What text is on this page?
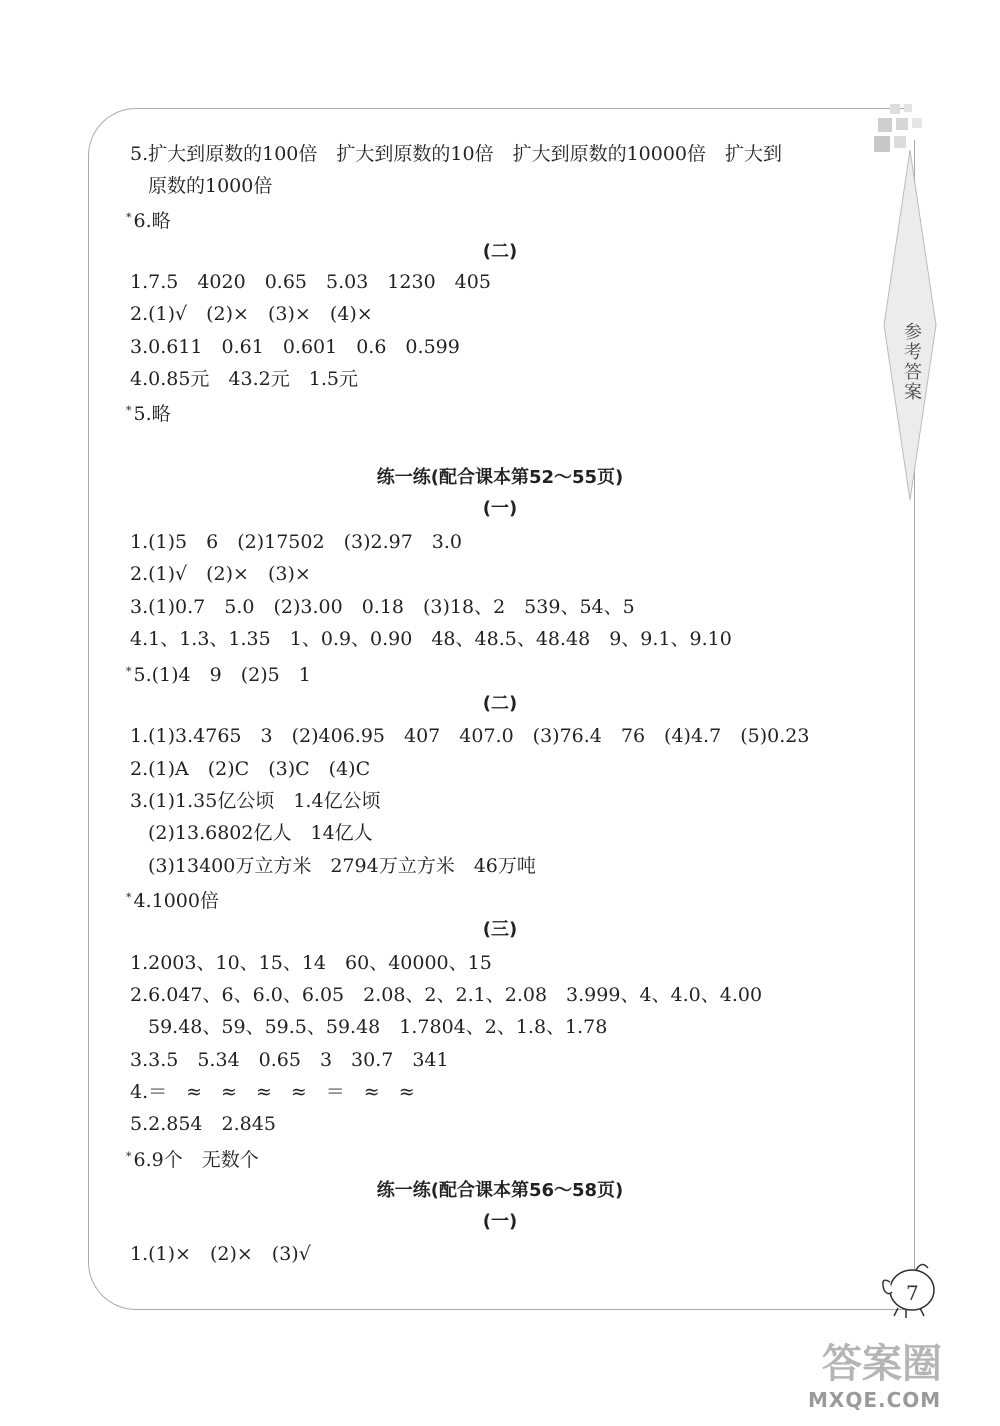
参考答案
5.扩大到原数的100倍　扩大到原数的10倍　扩大到原数的10000倍　扩大到
原数的1000倍
* 6.略
(二)
1.7.5　4020　0.65　5.03　1230　405
2.(1)√　(2)×　(3)×　(4)×
3.0.611　0.61　0.601　0.6　0.599
4.0.85元　43.2元　1.5元
* 5.略
练一练(配合课本第52～55页)
(一)
1.(1)5　6　(2)17502　(3)2.97　3.0
2.(1)√　(2)×　(3)×
3.(1)0.7　5.0　(2)3.00　0.18　(3)18、2　539、54、5
4.1、1.3、1.35　1、0.9、0.90　48、48.5、48.48　9、9.1、9.10
* 5.(1)4　9　(2)5　1
(二)
1.(1)3.4765　3　(2)406.95　407　407.0　(3)76.4　76　(4)4.7　(5)0.23
2.(1)A　(2)C　(3)C　(4)C
3.(1)1.35亿公顷　1.4亿公顷
(2)13.6802亿人　14亿人
(3)13400万立方米　2794万立方米　46万吨
* 4.1000倍
(三)
1.2003、10、15、14　60、40000、15
2.6.047、6、6.0、6.05　2.08、2、2.1、2.08　3.999、4、4.0、4.00
59.48、59、59.5、59.48　1.7804、2、1.8、1.78
3.3.5　5.34　0.65　3　30.7　341
4.＝　≈　≈　≈　≈　＝　≈　≈
5.2.854　2.845
* 6.9个　无数个
练一练(配合课本第56～58页)
(一)
1.(1)×　(2)×　(3)√
7
答案圈
MXQE.COM
